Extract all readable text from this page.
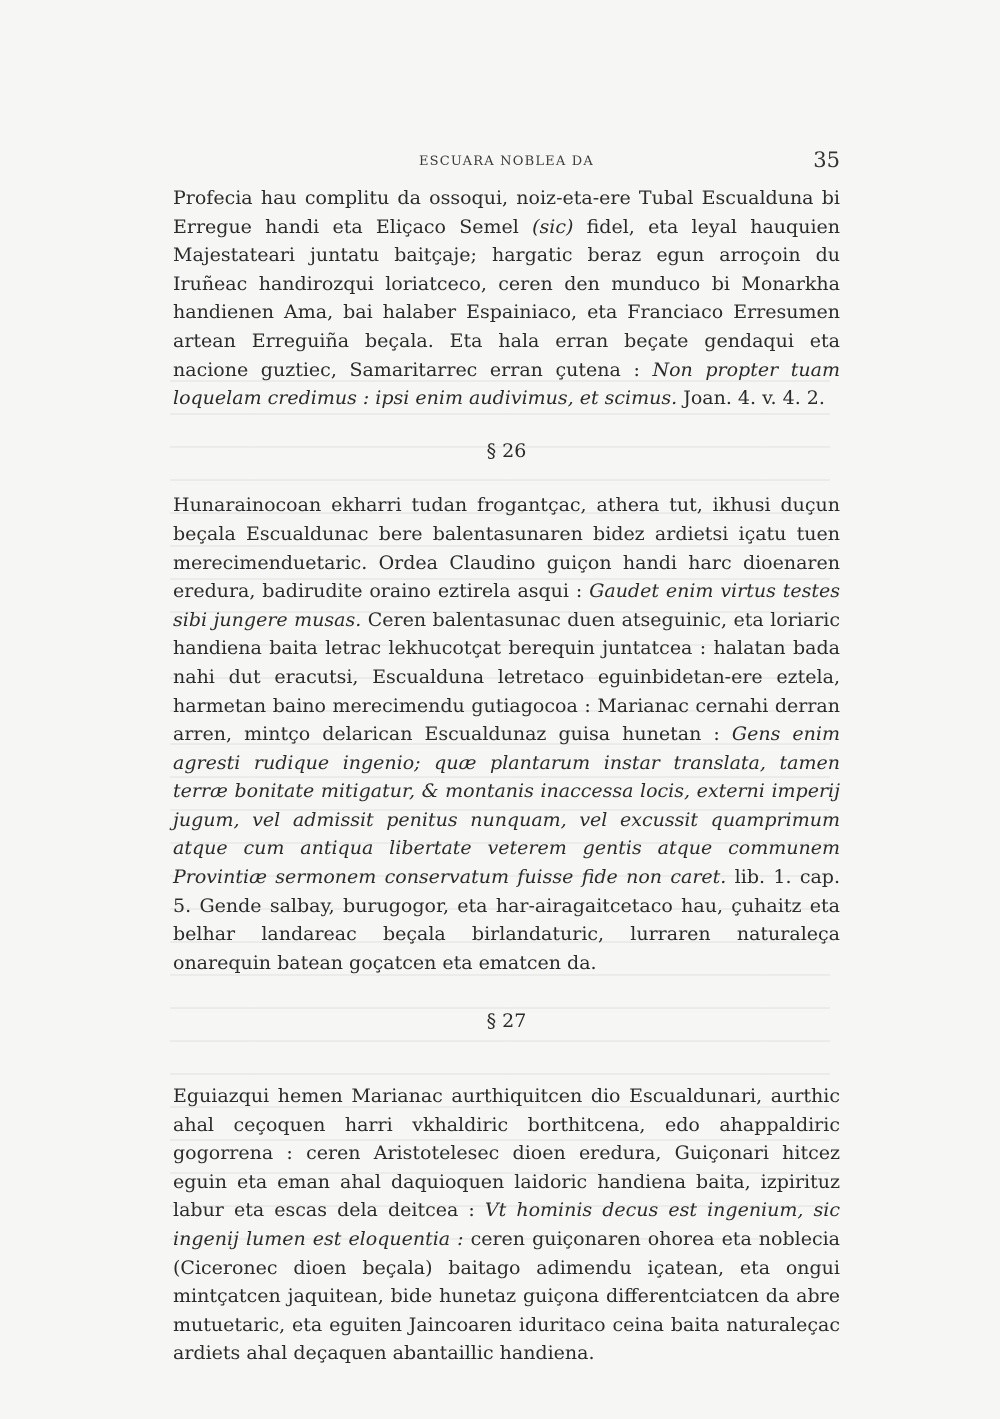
ESCUARA NOBLEA DA	35

Profecia hau complitu da ossoqui, noiz-eta-ere Tubal Escualduna bi Erregue handi eta Eliçaco Semel (sic) fidel, eta leyal hauquien Majestateari juntatu baitçaje; hargatic beraz egun arroçoin du Iruñeac handirozqui loriatceco, ceren den munduco bi Monarkha handienen Ama, bai halaber Espainiaco, eta Franciaco Erresumen artean Erreguiña beçala. Eta hala erran beçate gendaqui eta nacione guztiec, Samaritarrec erran çutena : Non propter tuam loquelam credimus : ipsi enim audivimus, et scimus. Joan. 4. v. 4. 2.

§ 26

Hunarainocoan ekharri tudan frogantçac, athera tut, ikhusi duçun beçala Escualdunac bere balentasunaren bidez ardietsi içatu tuen merecimenduetaric. Ordea Claudino guiçon handi harc dioenaren eredura, badirudite oraino eztirela asqui : Gaudet enim virtus testes sibi jungere musas. Ceren balentasunac duen atseguinic, eta loriaric handiena baita letrac lekhucotçat berequin juntatcea : halatan bada nahi dut eracutsi, Escualduna letretaco eguinbidetan-ere eztela, harmetan baino merecimendu gutiagocoa : Marianac cernahi derran arren, mintço delarican Escualdunaz guisa hunetan : Gens enim agresti rudique ingenio; quæ plantarum instar translata, tamen terræ bonitate mitigatur, & montanis inaccessa locis, externi imperij jugum, vel admissit penitus nunquam, vel excussit quamprimum atque cum antiqua libertate veterem gentis atque communem Provintiæ sermonem conservatum fuisse fide non caret. lib. 1. cap. 5. Gende salbay, burugogor, eta har-airagaitcetaco hau, çuhaitz eta belhar landareac beçala birlandaturic, lurraren naturaleça onarequin batean goçatcen eta ematcen da.

§ 27

Eguiazqui hemen Marianac aurthiquitcen dio Escualdunari, aurthic ahal ceçoquen harri vkhaldiric borthitcena, edo ahappaldiric gogorrena : ceren Aristotelesec dioen eredura, Guiçonari hitcez eguin eta eman ahal daquioquen laidoric handiena baita, izpirituz labur eta escas dela deitcea : Vt hominis decus est ingenium, sic ingenij lumen est eloquentia : ceren guiçonaren ohorea eta noblecia (Ciceronec dioen beçala) baitago adimendu içatean, eta ongui mintçatcen jaquitean, bide hunetaz guiçona differentciatcen da abre mutuetaric, eta eguiten Jaincoaren iduritaco ceina baita naturaleçac ardiets ahal deçaquen abantaillic handiena.
